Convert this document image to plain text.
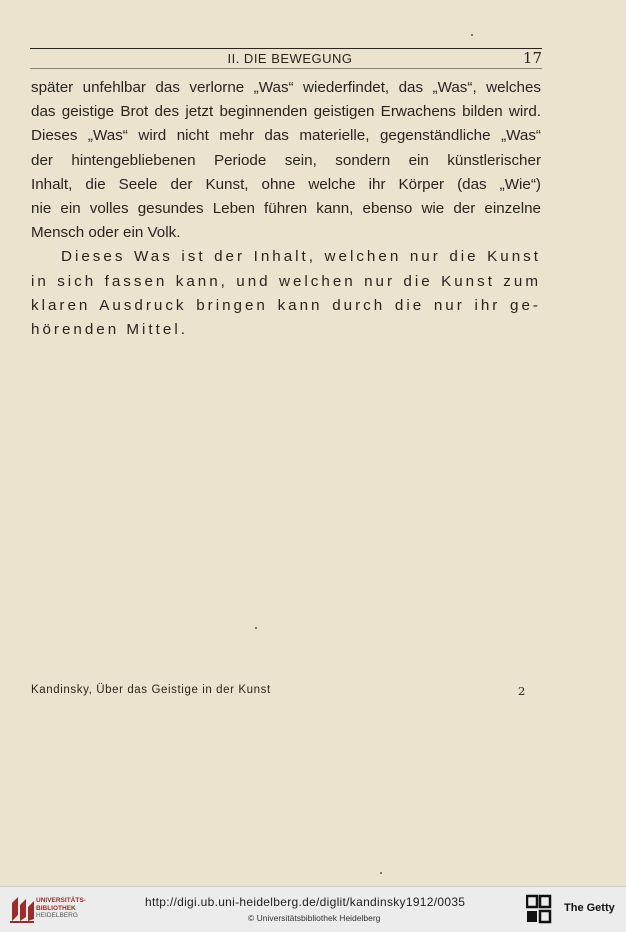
II. DIE BEWEGUNG	17
später unfehlbar das verlorne „Was“ wiederfindet, das „Was“, welches
das geistige Brot des jetzt beginnenden geistigen Erwachens bilden wird.
Dieses „Was“ wird nicht mehr das materielle, gegenständliche „Was“
der hintengebliebenen Periode sein, sondern ein künstlerischer
Inhalt, die Seele der Kunst, ohne welche ihr Körper (das „Wie“)
nie ein volles gesundes Leben führen kann, ebenso wie der einzelne
Mensch oder ein Volk.
Dieses Was ist der Inhalt, welchen nur die Kunst
in sich fassen kann, und welchen nur die Kunst zum
klaren Ausdruck bringen kann durch die nur ihr ge-
hörenden Mittel.
Kandinsky, Über das Geistige in der Kunst	2
UNIVERSITÄTS-
BIBLIOTHEK
HEIDELBERG
http://digi.ub.uni-heidelberg.de/diglit/kandinsky1912/0035
© Universitätsbibliothek Heidelberg
The Getty
